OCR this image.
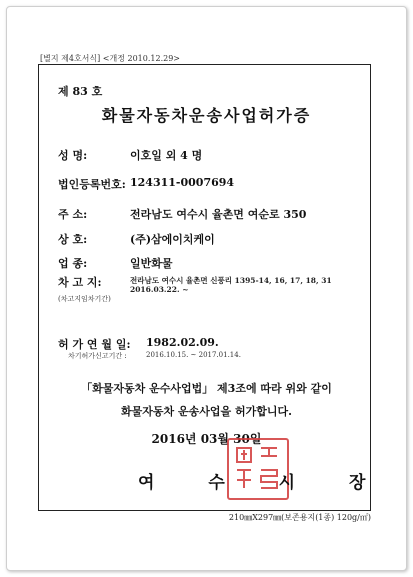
[별지 제4호서식] <개정 2010.12.29>
제 83 호
화물자동차운송사업허가증
성 명:	이호일 외 4 명
법인등록번호: 124311-0007694
주 소:	전라남도 여수시 율촌면 여순로 350
상 호:	(주)삼에이치케이
업 종:	일반화물
차 고 지:	전라남도 여수시 율촌면 신풍리 1395-14, 16, 17, 18, 31
2016.03.22. ~
(차고지임차기간)
허 가 연 월 일: 1982.02.09.
차기허가신고기간 :	2016.10.15. ~ 2017.01.14.
「화물자동차 운수사업법」 제3조에 따라 위와 같이
화물자동차 운송사업을 허가합니다.
2016년 03월 30일
여 수 시 장
210㎜X297㎜(보존용지(1종) 120g/㎡)
